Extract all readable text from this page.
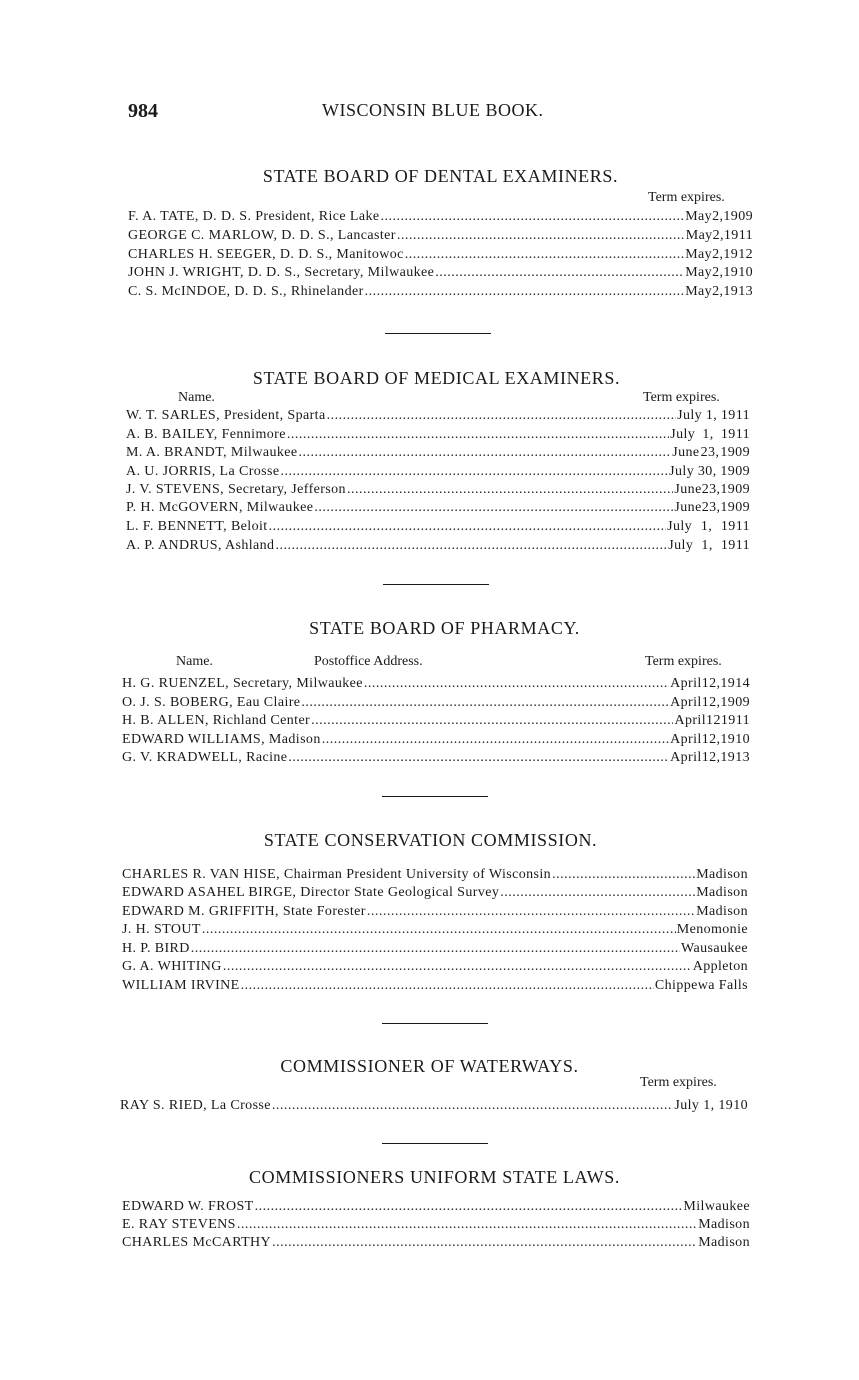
984	WISCONSIN BLUE BOOK.
STATE BOARD OF DENTAL EXAMINERS.
Term expires.
F. A. TATE, D. D. S. President, Rice Lake . . .	May 2, 1909
GEORGE C. MARLOW, D. D. S., Lancaster . . .	May 2, 1911
CHARLES H. SEEGER, D. D. S., Manitowoc . . .	May 2, 1912
JOHN J. WRIGHT, D. D. S., Secretary, Milwaukee . . .	May 2, 1910
C. S. McINDOE, D. D. S., Rhinelander . . .	May 2, 1913
STATE BOARD OF MEDICAL EXAMINERS.
Name.	Term expires.
W. T. SARLES, President, Sparta . . .	July 1, 1911
A. B. BAILEY, Fennimore . . .	July 1, 1911
M. A. BRANDT, Milwaukee . . .	June 23, 1909
A. U. JORRIS, La Crosse . . .	July 30, 1909
J. V. STEVENS, Secretary, Jefferson . . .	June 23, 1909
P. H. McGOVERN, Milwaukee . . .	June 23, 1909
L. F. BENNETT, Beloit . . .	July 1, 1911
A. P. ANDRUS, Ashland . . .	July 1, 1911
STATE BOARD OF PHARMACY.
Name.	Postoffice Address.	Term expires.
H. G. RUENZEL, Secretary, Milwaukee . . .	April 12, 1914
O. J. S. BOBERG, Eau Claire . . .	April 12, 1909
H. B. ALLEN, Richland Center . . .	April 12 1911
EDWARD WILLIAMS, Madison . . .	April 12, 1910
G. V. KRADWELL, Racine . . .	April 12, 1913
STATE CONSERVATION COMMISSION.
CHARLES R. VAN HISE, Chairman President University of Wisconsin . . .	Madison
EDWARD ASAHEL BIRGE, Director State Geological Survey . . .	Madison
EDWARD M. GRIFFITH, State Forester . . .	Madison
J. H. STOUT . . .	Menomonie
H. P. BIRD . . .	Wausaukee
G. A. WHITING . . .	Appleton
WILLIAM IRVINE . . .	Chippewa Falls
COMMISSIONER OF WATERWAYS.
Term expires.
RAY S. RIED, La Crosse . . .	July 1, 1910
COMMISSIONERS UNIFORM STATE LAWS.
EDWARD W. FROST . . .	Milwaukee
E. RAY STEVENS . . .	Madison
CHARLES McCARTHY . . .	Madison
